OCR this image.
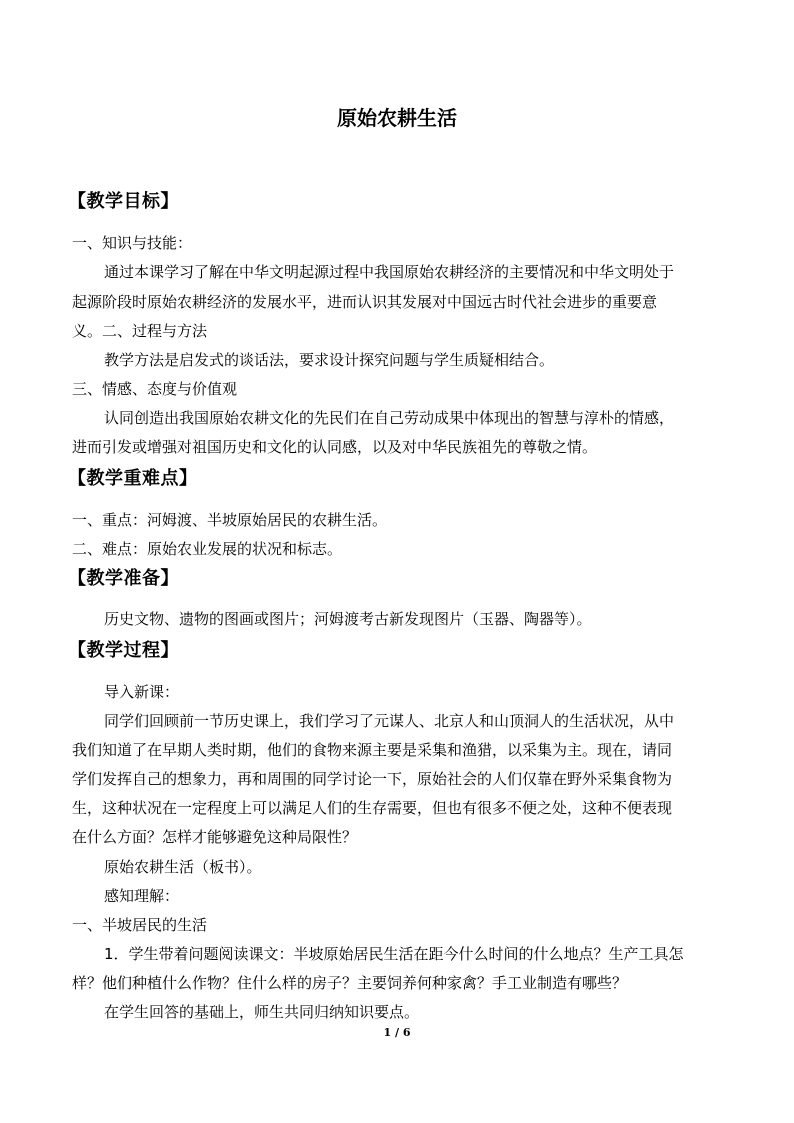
原始农耕生活
【教学目标】
一、知识与技能：
通过本课学习了解在中华文明起源过程中我国原始农耕经济的主要情况和中华文明处于
起源阶段时原始农耕经济的发展水平，进而认识其发展对中国远古时代社会进步的重要意
义。二、过程与方法
教学方法是启发式的谈话法，要求设计探究问题与学生质疑相结合。
三、情感、态度与价值观
认同创造出我国原始农耕文化的先民们在自己劳动成果中体现出的智慧与淳朴的情感，
进而引发或增强对祖国历史和文化的认同感，以及对中华民族祖先的尊敬之情。
【教学重难点】
一、重点：河姆渡、半坡原始居民的农耕生活。
二、难点：原始农业发展的状况和标志。
【教学准备】
历史文物、遗物的图画或图片；河姆渡考古新发现图片（玉器、陶器等）。
【教学过程】
导入新课：
同学们回顾前一节历史课上，我们学习了元谋人、北京人和山顶洞人的生活状况，从中
我们知道了在早期人类时期，他们的食物来源主要是采集和渔猎，以采集为主。现在，请同
学们发挥自己的想象力，再和周围的同学讨论一下，原始社会的人们仅靠在野外采集食物为
生，这种状况在一定程度上可以满足人们的生存需要，但也有很多不便之处，这种不便表现
在什么方面？怎样才能够避免这种局限性？
原始农耕生活（板书）。
感知理解：
一、半坡居民的生活
1．学生带着问题阅读课文：半坡原始居民生活在距今什么时间的什么地点？生产工具怎
样？他们种植什么作物？住什么样的房子？主要饲养何种家禽？手工业制造有哪些？
在学生回答的基础上，师生共同归纳知识要点。
1 / 6
